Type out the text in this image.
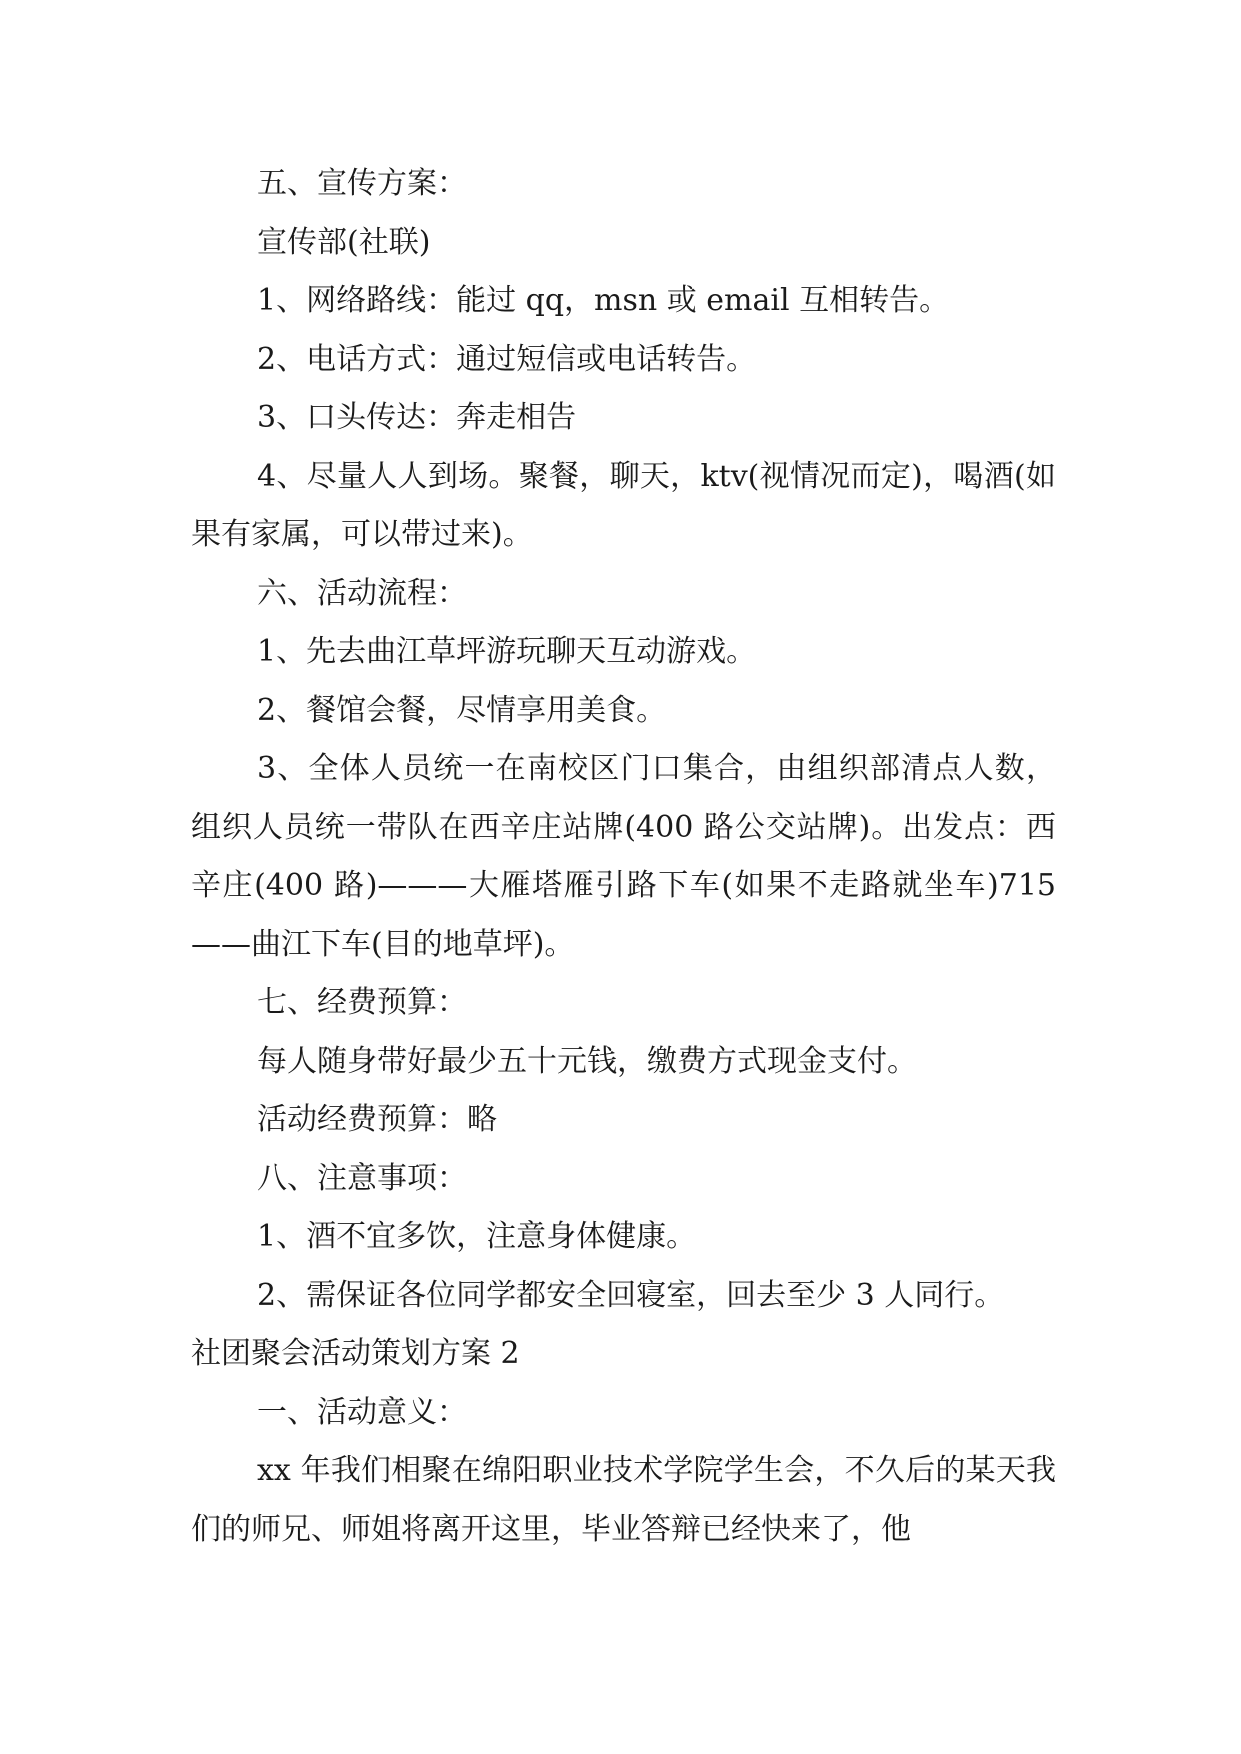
五、宣传方案：

宣传部(社联)

1、网络路线：能过 qq，msn 或 email 互相转告。

2、电话方式：通过短信或电话转告。

3、口头传达：奔走相告

4、尽量人人到场。聚餐，聊天，ktv(视情况而定)，喝酒(如果有家属，可以带过来)。

六、活动流程：

1、先去曲江草坪游玩聊天互动游戏。

2、餐馆会餐，尽情享用美食。

3、全体人员统一在南校区门口集合，由组织部清点人数，组织人员统一带队在西辛庄站牌(400 路公交站牌)。出发点：西辛庄(400 路)———大雁塔雁引路下车(如果不走路就坐车)715——曲江下车(目的地草坪)。

七、经费预算：

每人随身带好最少五十元钱，缴费方式现金支付。

活动经费预算：略

八、注意事项：

1、酒不宜多饮，注意身体健康。

2、需保证各位同学都安全回寝室，回去至少 3 人同行。

社团聚会活动策划方案 2

一、活动意义：

xx 年我们相聚在绵阳职业技术学院学生会，不久后的某天我们的师兄、师姐将离开这里，毕业答辩已经快来了，他
